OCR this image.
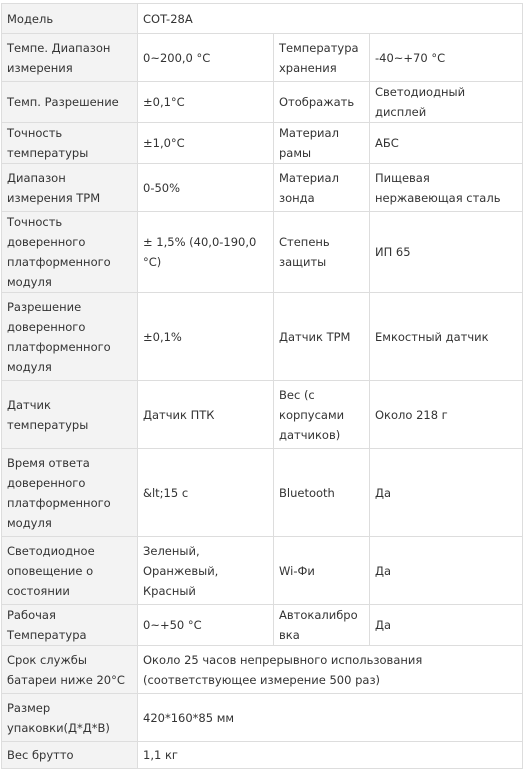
Модель	COT-28A		
Темпе. Диапазон измерения	0~200,0 °C	Температура хранения	-40~+70 °C
Темп. Разрешение	±0,1°C	Отображать	Светодиодный дисплей
Точность температуры	±1,0°C	Материал рамы	АБС
Диапазон измерения TPM	0-50%	Материал зонда	Пищевая нержавеющая сталь
Точность доверенного платформенного модуля	± 1,5% (40,0-190,0 °C)	Степень защиты	ИП 65
Разрешение доверенного платформенного модуля	±0,1%	Датчик TPM	Емкостный датчик
Датчик температуры	Датчик ПТК	Вес (с корпусами датчиков)	Около 218 г
Время ответа доверенного платформенного модуля	&lt;15 с	Bluetooth	Да
Светодиодное оповещение о состоянии	Зеленый, Оранжевый, Красный	Wi-Фи	Да
Рабочая Температура	0~+50 °C	Автокалибровка	Да
Срок службы батареи ниже 20°C	Около 25 часов непрерывного использования (соответствующее измерение 500 раз)		
Размер упаковки(Д*Д*В)	420*160*85 мм		
Вес брутто	1,1 кг		
